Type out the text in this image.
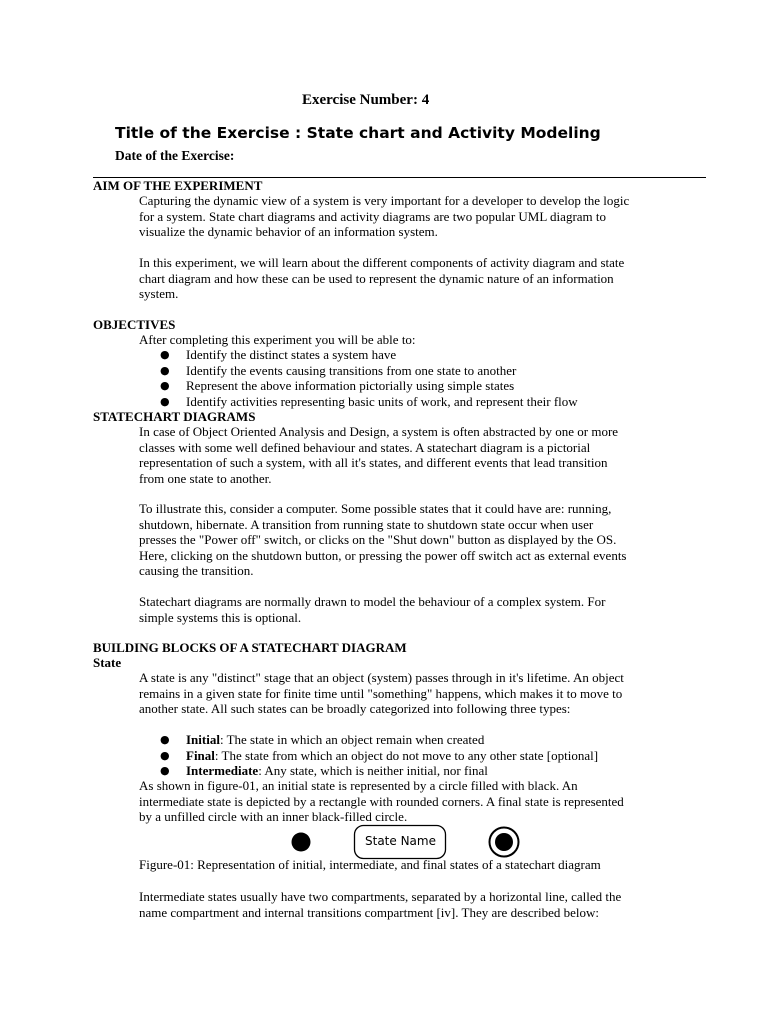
Exercise Number: 4
Title of the Exercise : State chart and Activity Modeling
Date of the Exercise:
AIM OF THE EXPERIMENT
Capturing the dynamic view of a system is very important for a developer to develop the logic
for a system. State chart diagrams and activity diagrams are two popular UML diagram to
visualize the dynamic behavior of an information system.
In this experiment, we will learn about the different components of activity diagram and state
chart diagram and how these can be used to represent the dynamic nature of an information
system.
OBJECTIVES
After completing this experiment you will be able to:
● Identify the distinct states a system have
● Identify the events causing transitions from one state to another
● Represent the above information pictorially using simple states
● Identify activities representing basic units of work, and represent their flow
STATECHART DIAGRAMS
In case of Object Oriented Analysis and Design, a system is often abstracted by one or more
classes with some well defined behaviour and states. A statechart diagram is a pictorial
representation of such a system, with all it's states, and different events that lead transition
from one state to another.
To illustrate this, consider a computer. Some possible states that it could have are: running,
shutdown, hibernate. A transition from running state to shutdown state occur when user
presses the "Power off" switch, or clicks on the "Shut down" button as displayed by the OS.
Here, clicking on the shutdown button, or pressing the power off switch act as external events
causing the transition.
Statechart diagrams are normally drawn to model the behaviour of a complex system. For
simple systems this is optional.
BUILDING BLOCKS OF A STATECHART DIAGRAM
State
A state is any "distinct" stage that an object (system) passes through in it's lifetime. An object
remains in a given state for finite time until "something" happens, which makes it to move to
another state. All such states can be broadly categorized into following three types:
● Initial: The state in which an object remain when created
● Final: The state from which an object do not move to any other state [optional]
● Intermediate: Any state, which is neither initial, nor final
As shown in figure-01, an initial state is represented by a circle filled with black. An
intermediate state is depicted by a rectangle with rounded corners. A final state is represented
by a unfilled circle with an inner black-filled circle.
State Name
Figure-01: Representation of initial, intermediate, and final states of a statechart diagram
Intermediate states usually have two compartments, separated by a horizontal line, called the
name compartment and internal transitions compartment [iv]. They are described below:
